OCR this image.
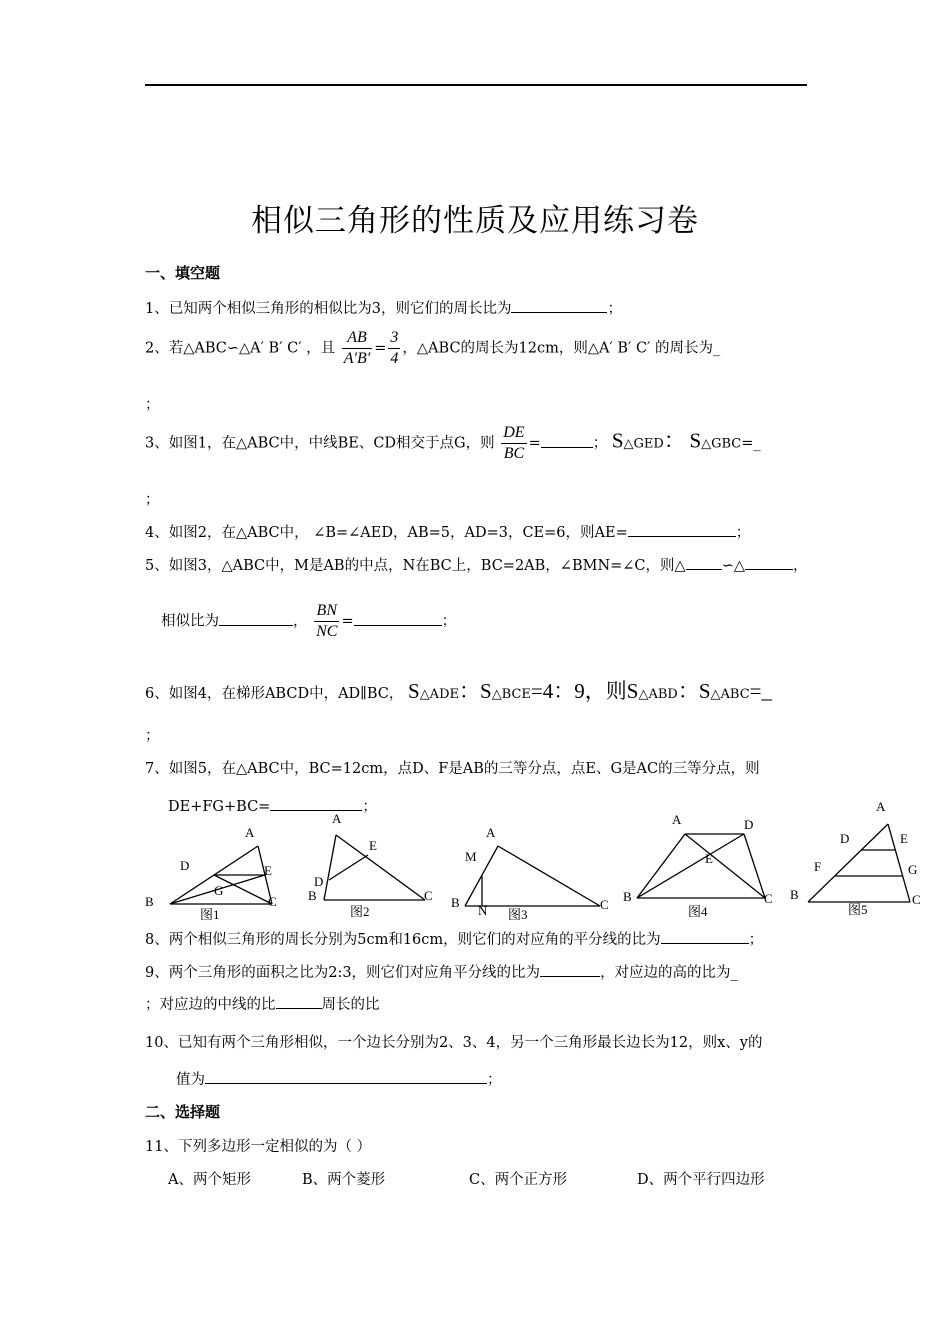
相似三角形的性质及应用练习卷
一、填空题
1、已知两个相似三角形的相似比为3，则它们的周长比为	；
2、若△ABC∽△A′ B′ C′ ，且 $\frac{AB}{A'B'} = \frac{3}{4}$ ，△ABC的周长为12cm，则△A′ B′ C′ 的周长为_
；
3、如图1，在△ABC中，中线BE、CD相交于点G，则 $\frac{DE}{BC}$ =	； S△GED： S△GBC=_
；
4、如图2，在△ABC中， ∠B=∠AED，AB=5，AD=3，CE=6，则AE=	；
5、如图3，△ABC中，M是AB的中点，N在BC上，BC=2AB，∠BMN=∠C，则△ ∽△	，
相似比为	， $\frac{BN}{NC}$ =	；
6、如图4，在梯形ABCD中，AD∥BC， S△ADE：S△BCE=4：9，则S△ABD：S△ABC=_
；
7、如图5，在△ABC中，BC=12cm，点D、F是AB的三等分点，点E、G是AC的三等分点，则
DE+FG+BC=	；
A
B	C
D	E
G
图1
A
B	C
D
E
图2
A
B	C
M
N 图3
A
B	C
D
E
图4
A
B	C
D	E
F	G
图5
8、两个相似三角形的周长分别为5cm和16cm，则它们的对应角的平分线的比为	；
9、两个三角形的面积之比为2:3，则它们对应角平分线的比为	，对应边的高的比为_
；对应边的中线的比	周长的比
10、已知有两个三角形相似，一个边长分别为2、3、4，另一个三角形最长边长为12，则x、y的
值为	；
二、选择题
11、下列多边形一定相似的为（ ）
A、两个矩形	B、两个菱形	C、两个正方形	D、两个平行四边形
